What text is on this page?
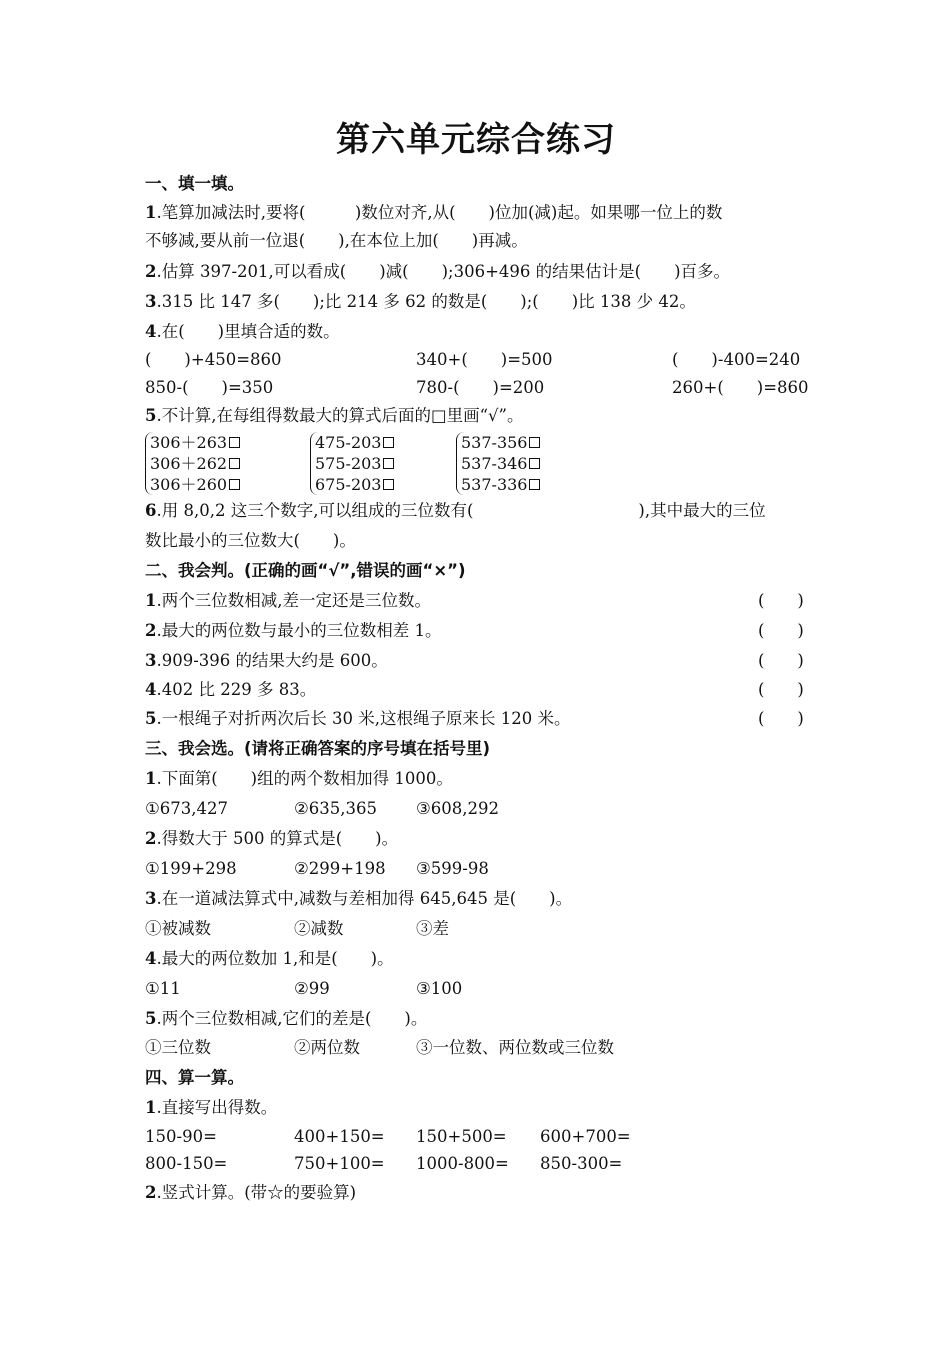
第六单元综合练习
一、填一填。
1.笔算加减法时,要将(　　　)数位对齐,从(　　)位加(减)起。如果哪一位上的数
不够减,要从前一位退(　　),在本位上加(　　)再减。
2.估算 397-201,可以看成(　　)减(　　);306+496 的结果估计是(　　)百多。
3.315 比 147 多(　　);比 214 多 62 的数是(　　);(　　)比 138 少 42。
4.在(　　)里填合适的数。
(　　)+450=860	340+(　　)=500	(　　)-400=240
850-(　　)=350	780-(　　)=200	260+(　　)=860
5.不计算,在每组得数最大的算式后面的□里画“√”。
306＋263
306＋262
306＋260
475-203
575-203
675-203
537-356
537-346
537-336
6.用 8,0,2 这三个数字,可以组成的三位数有(　　　　　　　　　　),其中最大的三位
数比最小的三位数大(　　)。
二、我会判。(正确的画“√”,错误的画“×”)
1.两个三位数相减,差一定还是三位数。	(　　)
2.最大的两位数与最小的三位数相差 1。	(　　)
3.909-396 的结果大约是 600。	(　　)
4.402 比 229 多 83。	(　　)
5.一根绳子对折两次后长 30 米,这根绳子原来长 120 米。	(　　)
三、我会选。(请将正确答案的序号填在括号里)
1.下面第(　　)组的两个数相加得 1000。
①673,427	②635,365 ③608,292
2.得数大于 500 的算式是(　　)。
①199+298	②299+198 ③599-98
3.在一道减法算式中,减数与差相加得 645,645 是(　　)。
①被减数	②减数	③差
4.最大的两位数加 1,和是(　　)。
①11	②99	③100
5.两个三位数相减,它们的差是(　　)。
①三位数	②两位数	③一位数、两位数或三位数
四、算一算。
1.直接写出得数。
150-90=	400+150= 150+500= 600+700=
800-150=	750+100= 1000-800= 850-300=
2.竖式计算。(带☆的要验算)
